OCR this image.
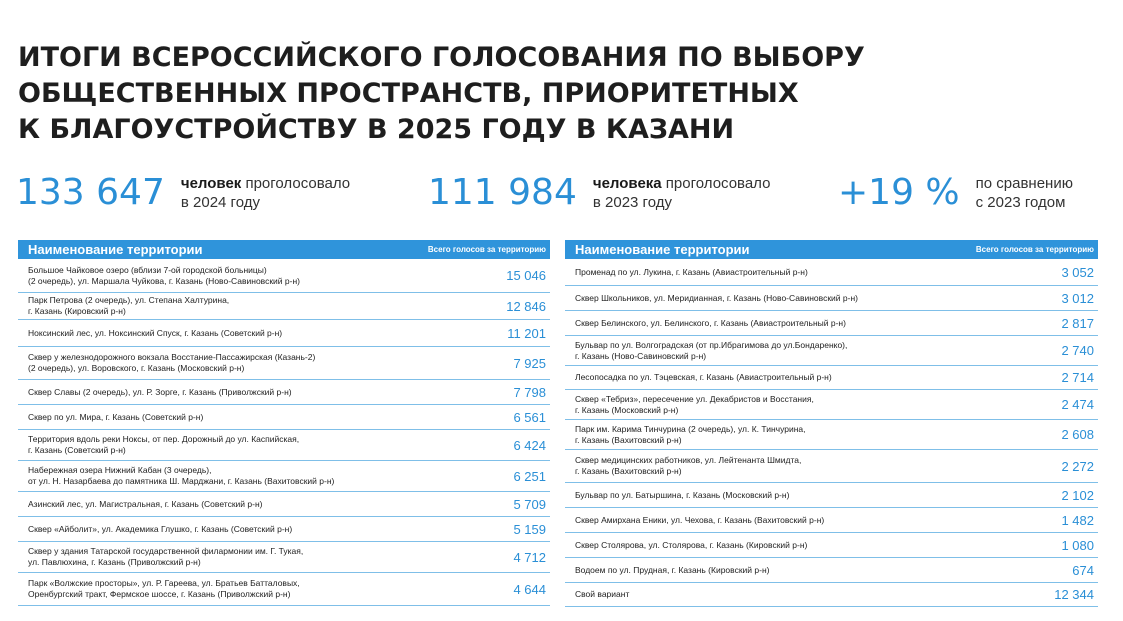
ИТОГИ ВСЕРОССИЙСКОГО ГОЛОСОВАНИЯ ПО ВЫБОРУ
ОБЩЕСТВЕННЫХ ПРОСТРАНСТВ, ПРИОРИТЕТНЫХ
К БЛАГОУСТРОЙСТВУ В 2025 ГОДУ В КАЗАНИ
133 647 человек проголосовало
в 2024 году	111 984 человека проголосовало
в 2023 году	+19 % по сравнению
с 2023 годом
Наименование территории	Всего голосов за территорию
Большое Чайковое озеро (вблизи 7-ой городской больницы)
(2 очередь), ул. Маршала Чуйкова, г. Казань (Ново-Савиновский р-н)	15 046
Парк Петрова (2 очередь), ул. Степана Халтурина,
г. Казань (Кировский р-н)	12 846
Ноксинский лес, ул. Ноксинский Спуск, г. Казань (Советский р-н)	11 201
Сквер у железнодорожного вокзала Восстание-Пассажирская (Казань-2)
(2 очередь), ул. Воровского, г. Казань (Московский р-н)	7 925
Сквер Славы (2 очередь), ул. Р. Зорге, г. Казань (Приволжский р-н)	7 798
Сквер по ул. Мира, г. Казань (Советский р-н)	6 561
Территория вдоль реки Ноксы, от пер. Дорожный до ул. Каспийская,
г. Казань (Советский р-н)	6 424
Набережная озера Нижний Кабан (3 очередь),
от ул. Н. Назарбаева до памятника Ш. Марджани, г. Казань (Вахитовский р-н)	6 251
Азинский лес, ул. Магистральная, г. Казань (Советский р-н)	5 709
Сквер «Айболит», ул. Академика Глушко, г. Казань (Советский р-н)	5 159
Сквер у здания Татарской государственной филармонии им. Г. Тукая,
ул. Павлюхина, г. Казань (Приволжский р-н)	4 712
Парк «Волжские просторы», ул. Р. Гареева, ул. Братьев Батталовых,
Оренбургский тракт, Фермское шоссе, г. Казань (Приволжский р-н)	4 644
Наименование территории	Всего голосов за территорию
Променад по ул. Лукина, г. Казань (Авиастроительный р-н)	3 052
Сквер Школьников, ул. Меридианная, г. Казань (Ново-Савиновский р-н)	3 012
Сквер Белинского, ул. Белинского, г. Казань (Авиастроительный р-н)	2 817
Бульвар по ул. Волгоградская (от пр.Ибрагимова до ул.Бондаренко),
г. Казань (Ново-Савиновский р-н)	2 740
Лесопосадка по ул. Тэцевская, г. Казань (Авиастроительный р-н)	2 714
Сквер «Тебриз», пересечение ул. Декабристов и Восстания,
г. Казань (Московский р-н)	2 474
Парк им. Карима Тинчурина (2 очередь), ул. К. Тинчурина,
г. Казань (Вахитовский р-н)	2 608
Сквер медицинских работников, ул. Лейтенанта Шмидта,
г. Казань (Вахитовский р-н)	2 272
Бульвар по ул. Батыршина, г. Казань (Московский р-н)	2 102
Сквер Амирхана Еники, ул. Чехова, г. Казань (Вахитовский р-н)	1 482
Сквер Столярова, ул. Столярова, г. Казань (Кировский р-н)	1 080
Водоем по ул. Прудная, г. Казань (Кировский р-н)	674
Свой вариант	12 344
